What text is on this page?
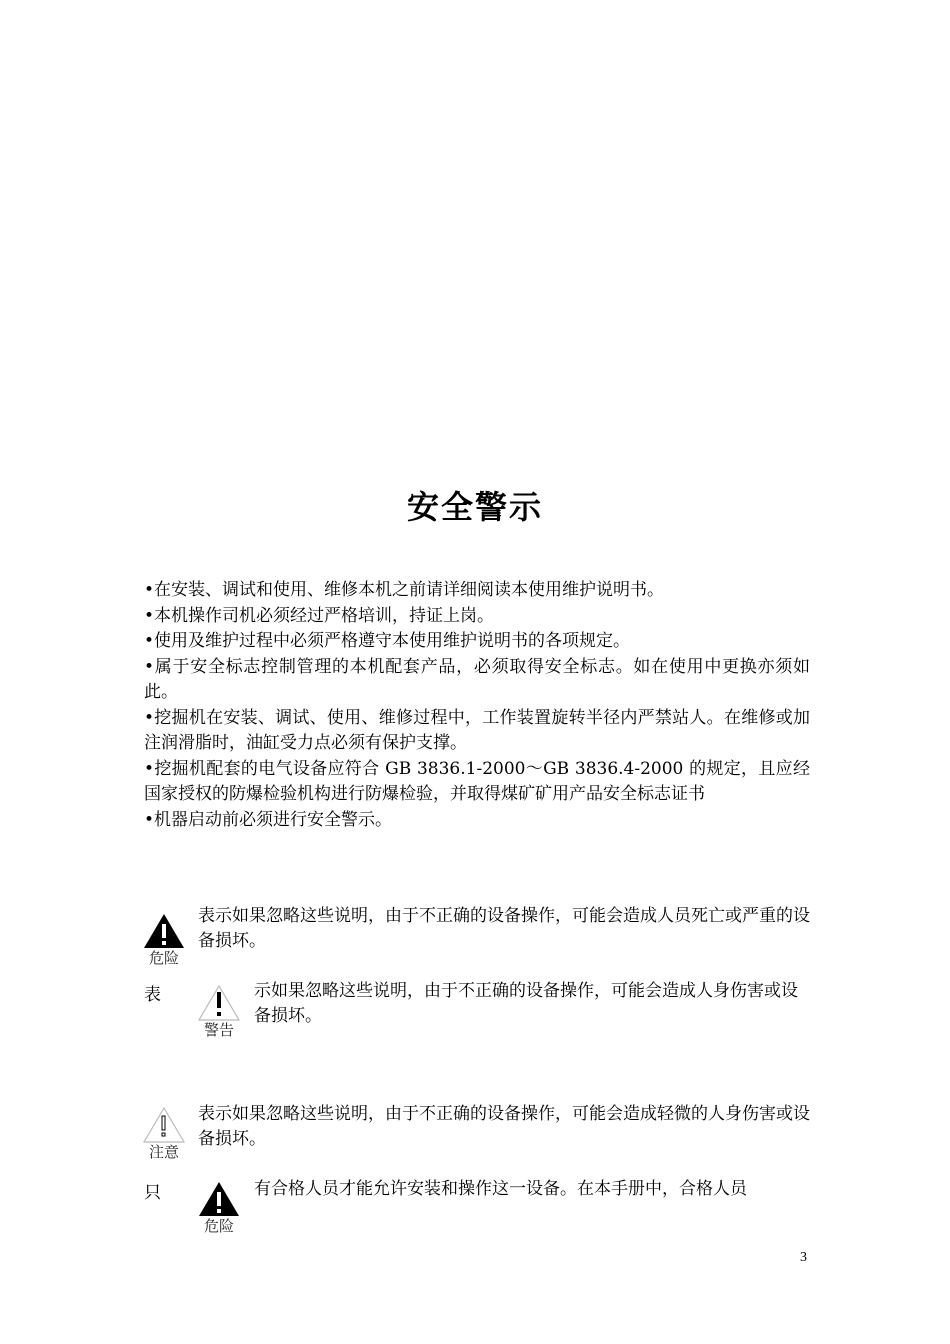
安全警示

•在安装、调试和使用、维修本机之前请详细阅读本使用维护说明书。

•本机操作司机必须经过严格培训，持证上岗。

•使用及维护过程中必须严格遵守本使用维护说明书的各项规定。

•属于安全标志控制管理的本机配套产品，必须取得安全标志。如在使用中更换亦须如此。

•挖掘机在安装、调试、使用、维修过程中，工作装置旋转半径内严禁站人。在维修或加注润滑脂时，油缸受力点必须有保护支撑。

•挖掘机配套的电气设备应符合 GB 3836.1-2000～GB 3836.4-2000 的规定，且应经国家授权的防爆检验机构进行防爆检验，并取得煤矿矿用产品安全标志证书

•机器启动前必须进行安全警示。

危险
表示如果忽略这些说明，由于不正确的设备操作，可能会造成人员死亡或严重的设备损坏。
表
警告
示如果忽略这些说明，由于不正确的设备操作，可能会造成人身伤害或设备损坏。
注意
表示如果忽略这些说明，由于不正确的设备操作，可能会造成轻微的人身伤害或设备损坏。
只
危险
有合格人员才能允许安装和操作这一设备。在本手册中，合格人员
3
